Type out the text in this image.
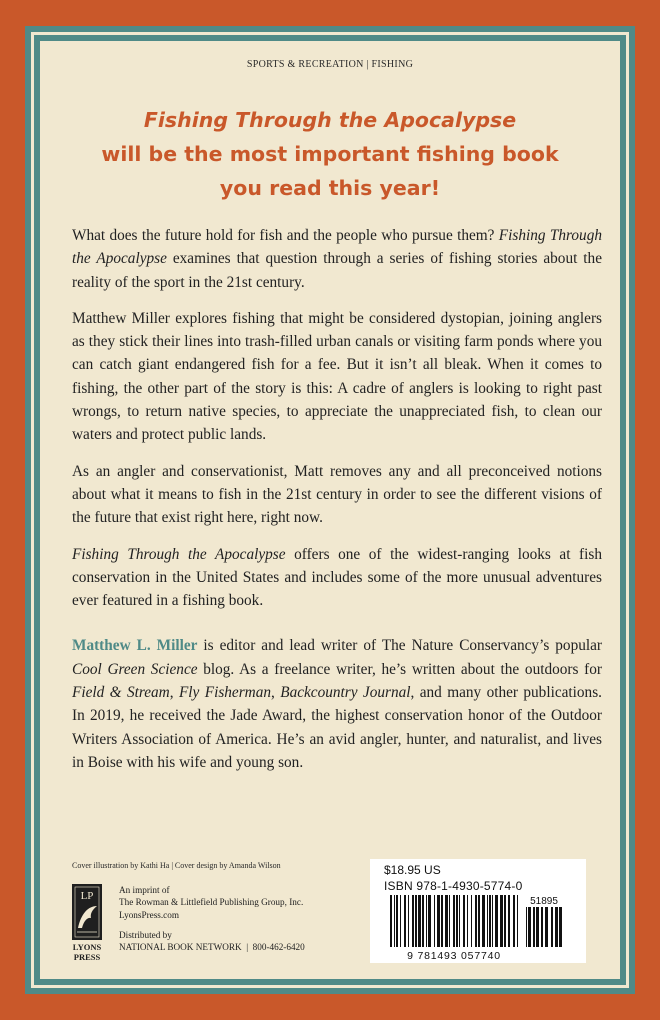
SPORTS & RECREATION | FISHING
Fishing Through the Apocalypse
will be the most important fishing book
you read this year!

What does the future hold for fish and the people who pursue them? Fishing Through the Apocalypse examines that question through a series of fishing stories about the reality of the sport in the 21st century.

Matthew Miller explores fishing that might be considered dystopian, joining anglers as they stick their lines into trash-filled urban canals or visiting farm ponds where you can catch giant endangered fish for a fee. But it isn’t all bleak. When it comes to fishing, the other part of the story is this: A cadre of anglers is looking to right past wrongs, to return native species, to appreciate the unappreciated fish, to clean our waters and protect public lands.

As an angler and conservationist, Matt removes any and all preconceived notions about what it means to fish in the 21st century in order to see the different visions of the future that exist right here, right now.

Fishing Through the Apocalypse offers one of the widest-ranging looks at fish conservation in the United States and includes some of the more unusual adventures ever featured in a fishing book.

Matthew L. Miller is editor and lead writer of The Nature Conservancy’s popular Cool Green Science blog. As a freelance writer, he’s written about the outdoors for Field & Stream, Fly Fisherman, Backcountry Journal, and many other publications. In 2019, he received the Jade Award, the highest conservation honor of the Outdoor Writers Association of America. He’s an avid angler, hunter, and naturalist, and lives in Boise with his wife and young son.

Cover illustration by Kathi Ha | Cover design by Amanda Wilson
LP
LYONS
PRESS
An imprint of
The Rowman & Littlefield Publishing Group, Inc.
LyonsPress.com
Distributed by
NATIONAL BOOK NETWORK  |  800-462-6420
$18.95 US
ISBN 978-1-4930-5774-0
51895
9 781493 057740
